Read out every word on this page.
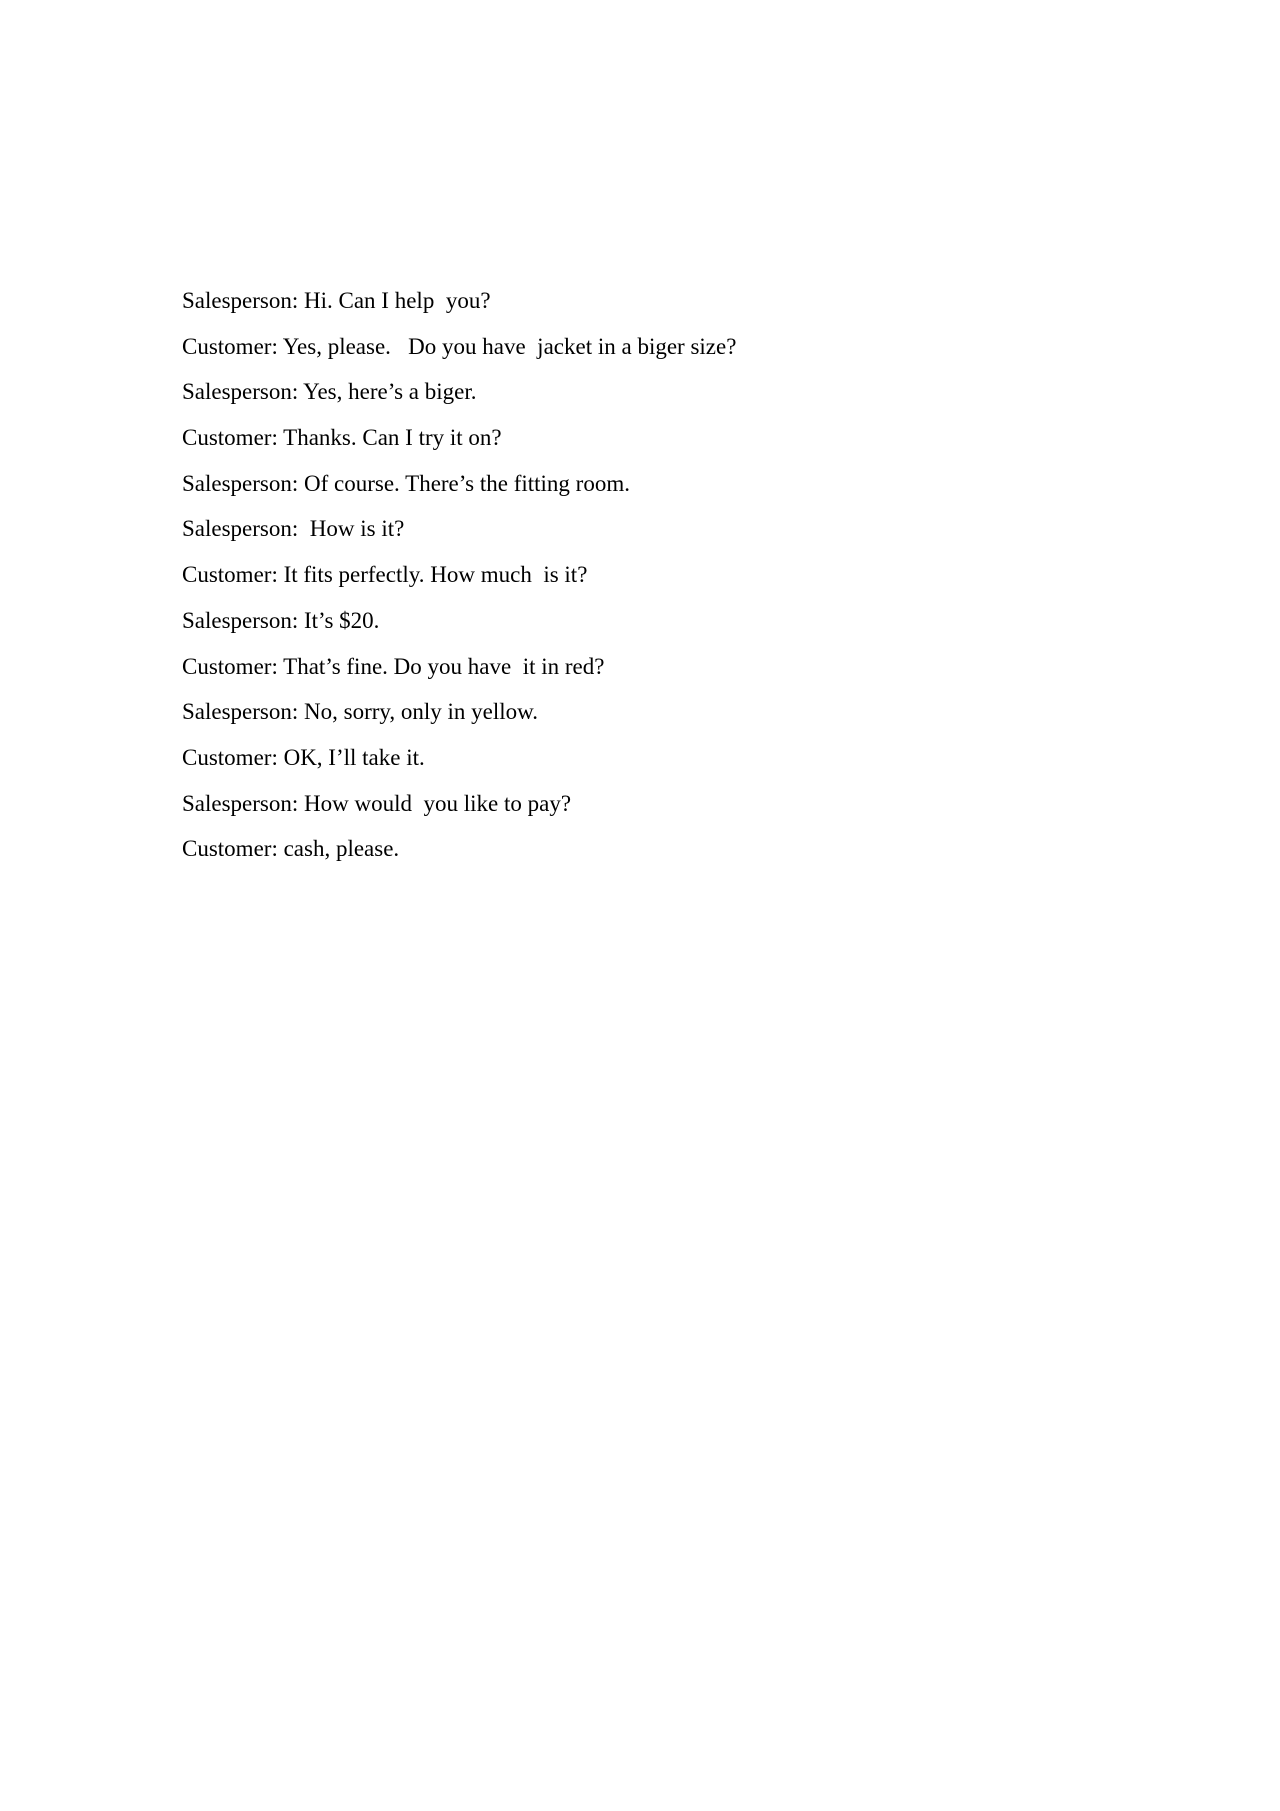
Salesperson: Hi. Can I help  you?
Customer: Yes, please.   Do you have  jacket in a biger size?
Salesperson: Yes, here’s a biger.
Customer: Thanks. Can I try it on?
Salesperson: Of course. There’s the fitting room.
Salesperson:  How is it?
Customer: It fits perfectly. How much  is it?
Salesperson: It’s $20.
Customer: That’s fine. Do you have  it in red?
Salesperson: No, sorry, only in yellow.
Customer: OK, I’ll take it.
Salesperson: How would  you like to pay?
Customer: cash, please.
